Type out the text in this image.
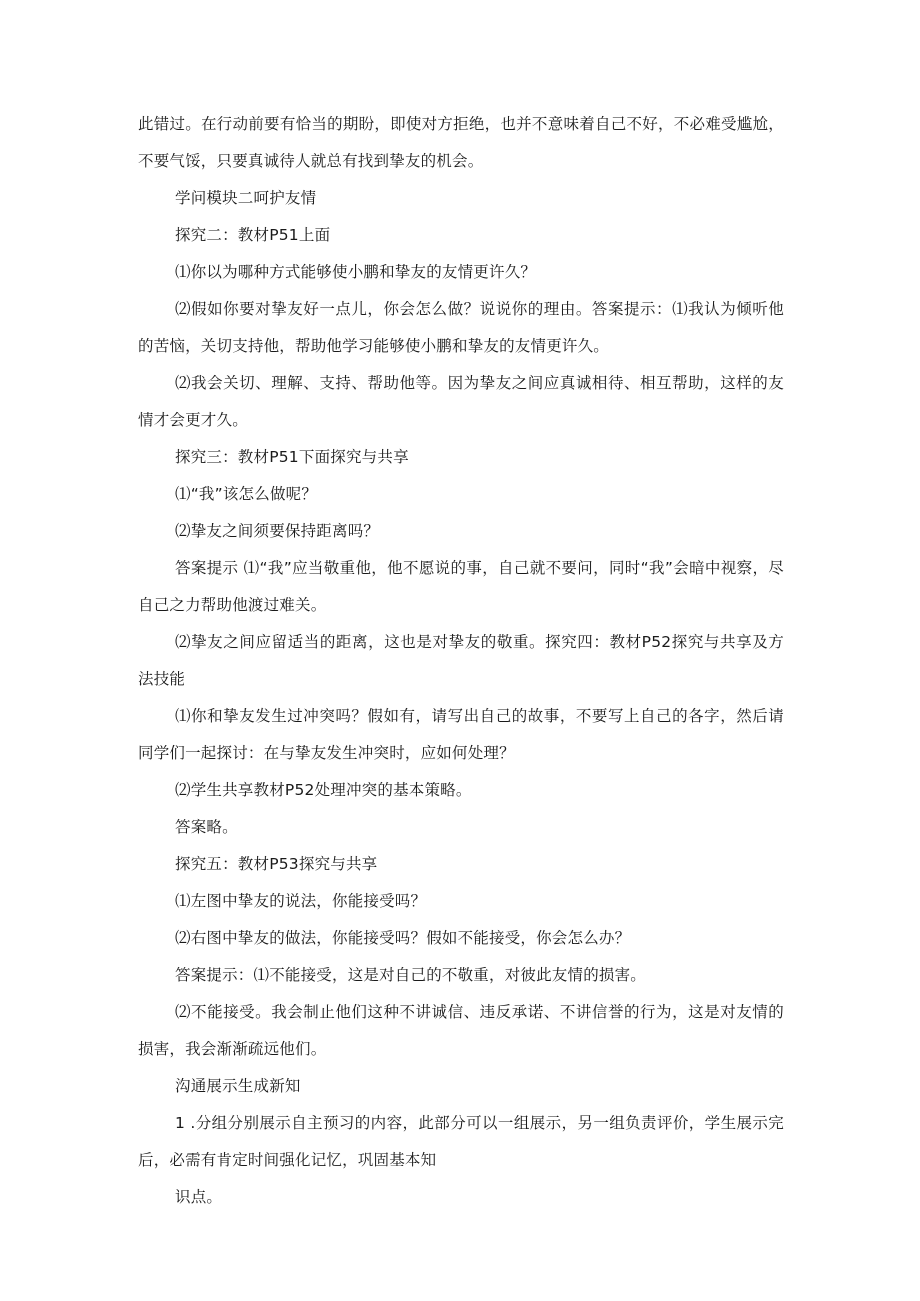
此错过。在行动前要有恰当的期盼，即使对方拒绝，也并不意味着自己不好，不必难受尴尬，不要气馁，只要真诚待人就总有找到挚友的机会。

学问模块二呵护友情

探究二：教材P51上面

⑴你以为哪种方式能够使小鹏和挚友的友情更许久？

⑵假如你要对挚友好一点儿，你会怎么做？说说你的理由。答案提示：⑴我认为倾听他的苦恼，关切支持他，帮助他学习能够使小鹏和挚友的友情更许久。

⑵我会关切、理解、支持、帮助他等。因为挚友之间应真诚相待、相互帮助，这样的友情才会更才久。

探究三：教材P51下面探究与共享

⑴“我”该怎么做呢？

⑵挚友之间须要保持距离吗？

答案提示 ⑴“我”应当敬重他，他不愿说的事，自己就不要问，同时“我”会暗中视察，尽自己之力帮助他渡过难关。

⑵挚友之间应留适当的距离，这也是对挚友的敬重。探究四：教材P52探究与共享及方法技能

⑴你和挚友发生过冲突吗？假如有，请写出自己的故事，不要写上自己的各字，然后请同学们一起探讨：在与挚友发生冲突时，应如何处理？

⑵学生共享教材P52处理冲突的基本策略。

答案略。

探究五：教材P53探究与共享

⑴左图中挚友的说法，你能接受吗？

⑵右图中挚友的做法，你能接受吗？假如不能接受，你会怎么办？

答案提示：⑴不能接受，这是对自己的不敬重，对彼此友情的损害。

⑵不能接受。我会制止他们这种不讲诚信、违反承诺、不讲信誉的行为，这是对友情的损害，我会渐渐疏远他们。

沟通展示生成新知

1 .分组分别展示自主预习的内容，此部分可以一组展示，另一组负责评价，学生展示完后，必需有肯定时间强化记忆，巩固基本知

识点。
